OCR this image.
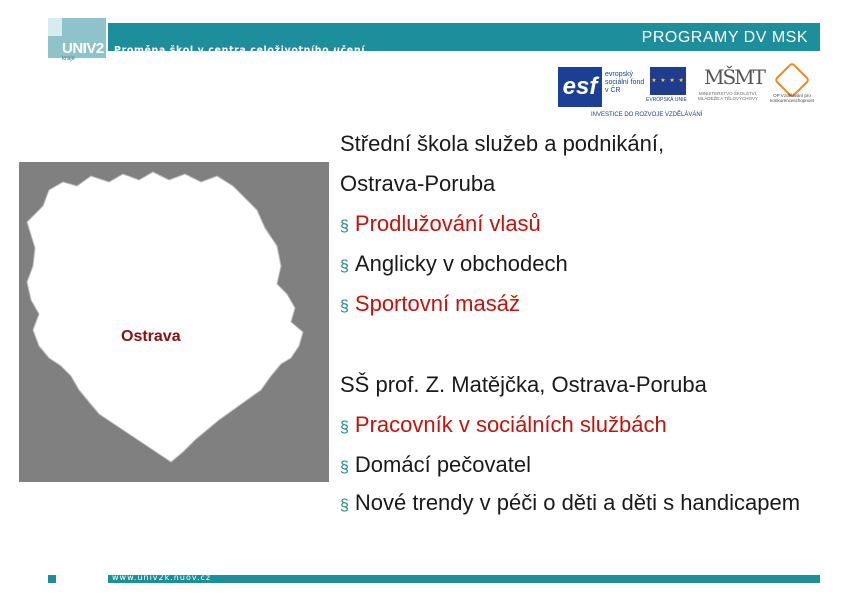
UNIV2
kraje
Proměna škol v centra celoživotního učení
PROGRAMY DV MSK
esf	evropský sociální fond v ČR
★ ★ ★ ★
EVROPSKÁ UNIE
MŠMT
MINISTERSTVO ŠKOLSTVÍ, MLÁDEŽE A TĚLOVÝCHOVY
OP Vzdělávání pro konkurenceschopnost
INVESTICE DO ROZVOJE VZDĚLÁVÁNÍ
Ostrava
Střední škola služeb a podnikání,
Ostrava-Poruba
§ Prodlužování vlasů
§ Anglicky v obchodech
§ Sportovní masáž
SŠ prof. Z. Matějčka, Ostrava-Poruba
§ Pracovník v sociálních službách
§ Domácí pečovatel
§ Nové trendy v péči o děti a děti s handicapem
www.univ2k.nuov.cz
